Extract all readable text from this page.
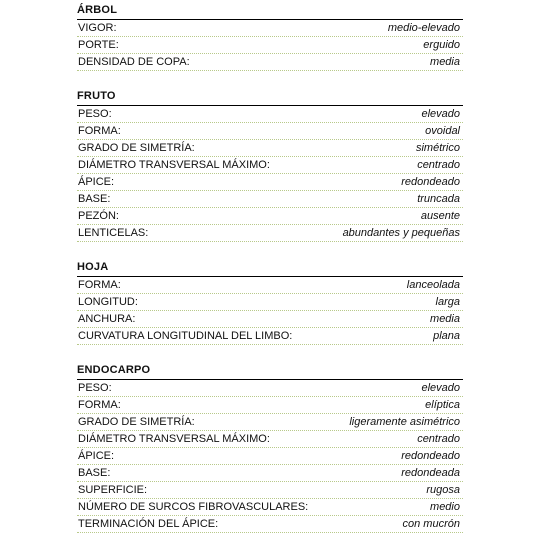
ÁRBOL
VIGOR:	medio-elevado
PORTE:	erguido
DENSIDAD DE COPA:	media
FRUTO
PESO:	elevado
FORMA:	ovoidal
GRADO DE SIMETRÍA:	simétrico
DIÁMETRO TRANSVERSAL MÁXIMO:	centrado
ÁPICE:	redondeado
BASE:	truncada
PEZÓN:	ausente
LENTICELAS:	abundantes y pequeñas
HOJA
FORMA:	lanceolada
LONGITUD:	larga
ANCHURA:	media
CURVATURA LONGITUDINAL DEL LIMBO:	plana
ENDOCARPO
PESO:	elevado
FORMA:	elíptica
GRADO DE SIMETRÍA:	ligeramente asimétrico
DIÁMETRO TRANSVERSAL MÁXIMO:	centrado
ÁPICE:	redondeado
BASE:	redondeada
SUPERFICIE:	rugosa
NÚMERO DE SURCOS FIBROVASCULARES:	medio
TERMINACIÓN DEL ÁPICE:	con mucrón
